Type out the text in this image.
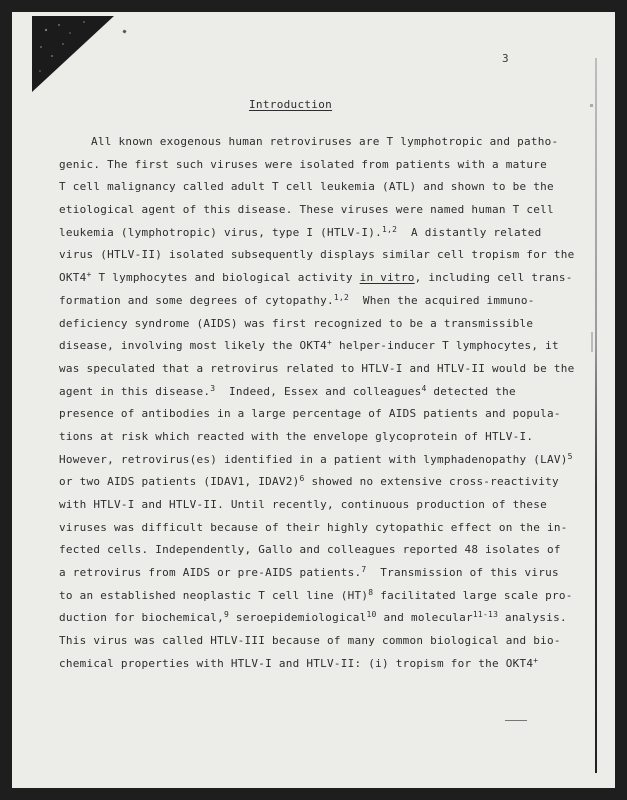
3
Introduction
All known exogenous human retroviruses are T lymphotropic and patho-
genic. The first such viruses were isolated from patients with a mature
T cell malignancy called adult T cell leukemia (ATL) and shown to be the
etiological agent of this disease. These viruses were named human T cell
leukemia (lymphotropic) virus, type I (HTLV-I).$^{1,2}$  A distantly related
virus (HTLV-II) isolated subsequently displays similar cell tropism for the
OKT4+ T lymphocytes and biological activity in vitro, including cell trans-
formation and some degrees of cytopathy.$^{1,2}$  When the acquired immuno-
deficiency syndrome (AIDS) was first recognized to be a transmissible
disease, involving most likely the OKT4+ helper-inducer T lymphocytes, it
was speculated that a retrovirus related to HTLV-I and HTLV-II would be the
agent in this disease.$^3$  Indeed, Essex and colleagues$^4$ detected the
presence of antibodies in a large percentage of AIDS patients and popula-
tions at risk which reacted with the envelope glycoprotein of HTLV-I.
However, retrovirus(es) identified in a patient with lymphadenopathy (LAV)$^5$
or two AIDS patients (IDAV1, IDAV2)$^6$ showed no extensive cross-reactivity
with HTLV-I and HTLV-II. Until recently, continuous production of these
viruses was difficult because of their highly cytopathic effect on the in-
fected cells. Independently, Gallo and colleagues reported 48 isolates of
a retrovirus from AIDS or pre-AIDS patients.$^7$  Transmission of this virus
to an established neoplastic T cell line (HT)$^8$ facilitated large scale pro-
duction for biochemical,$^9$ seroepidemiological$^{10}$ and molecular$^{11-13}$ analysis.
This virus was called HTLV-III because of many common biological and bio-
chemical properties with HTLV-I and HTLV-II: (i) tropism for the OKT4+
